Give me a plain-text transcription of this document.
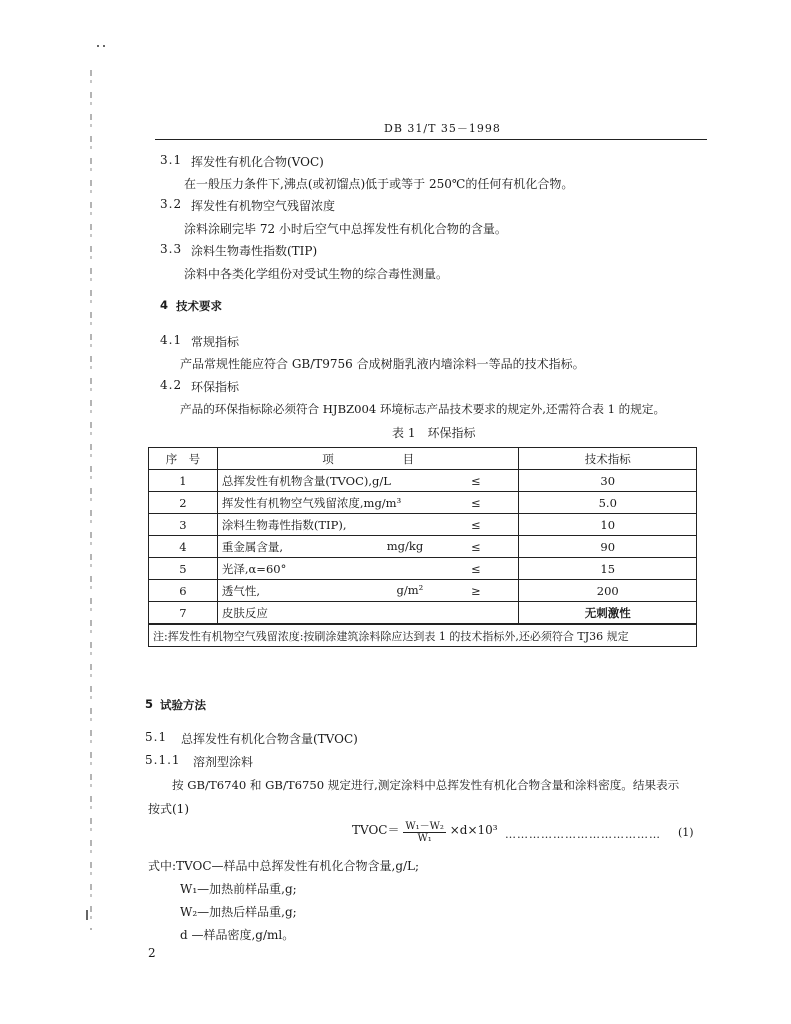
DB 31/T 35－1998
3.1 挥发性有机化合物(VOC)
在一般压力条件下,沸点(或初馏点)低于或等于 250℃的任何有机化合物。
3.2 挥发性有机物空气残留浓度
涂料涂刷完毕 72 小时后空气中总挥发性有机化合物的含量。
3.3 涂料生物毒性指数(TIP)
涂料中各类化学组份对受试生物的综合毒性测量。
4 技术要求
4.1 常规指标
产品常规性能应符合 GB/T9756 合成树脂乳液内墙涂料一等品的技术指标。
4.2 环保指标
产品的环保指标除必须符合 HJBZ004 环境标志产品技术要求的规定外,还需符合表 1 的规定。
表 1　环保指标
序　号	项　　　　　　目		技术指标
1	总挥发性有机物含量(TVOC),g/L	≤	30
2	挥发性有机物空气残留浓度,mg/m³	≤	5.0
3	涂料生物毒性指数(TIP),	≤	10
4	重金属含量, mg/kg	≤	90
5	光泽,α=60°	≤	15
6	透气性, g/m²	≥	200
7	皮肤反应		无刺激性
注:挥发性有机物空气残留浓度:按刷涂建筑涂料除应达到表 1 的技术指标外,还必须符合 TJ36 规定			
5 试验方法
5.1 总挥发性有机化合物含量(TVOC)
5.1.1 溶剂型涂料
按 GB/T6740 和 GB/T6750 规定进行,测定涂料中总挥发性有机化合物含量和涂料密度。结果表示
按式(1)
TVOC＝ $\frac{\text{W₁－W₂}}{\text{W₁}} \times d\times 10^3$ ………………………………… (1)
式中:TVOC—样品中总挥发性有机化合物含量,g/L;
W₁—加热前样品重,g;
W₂—加热后样品重,g;
d —样品密度,g/ml。
2
